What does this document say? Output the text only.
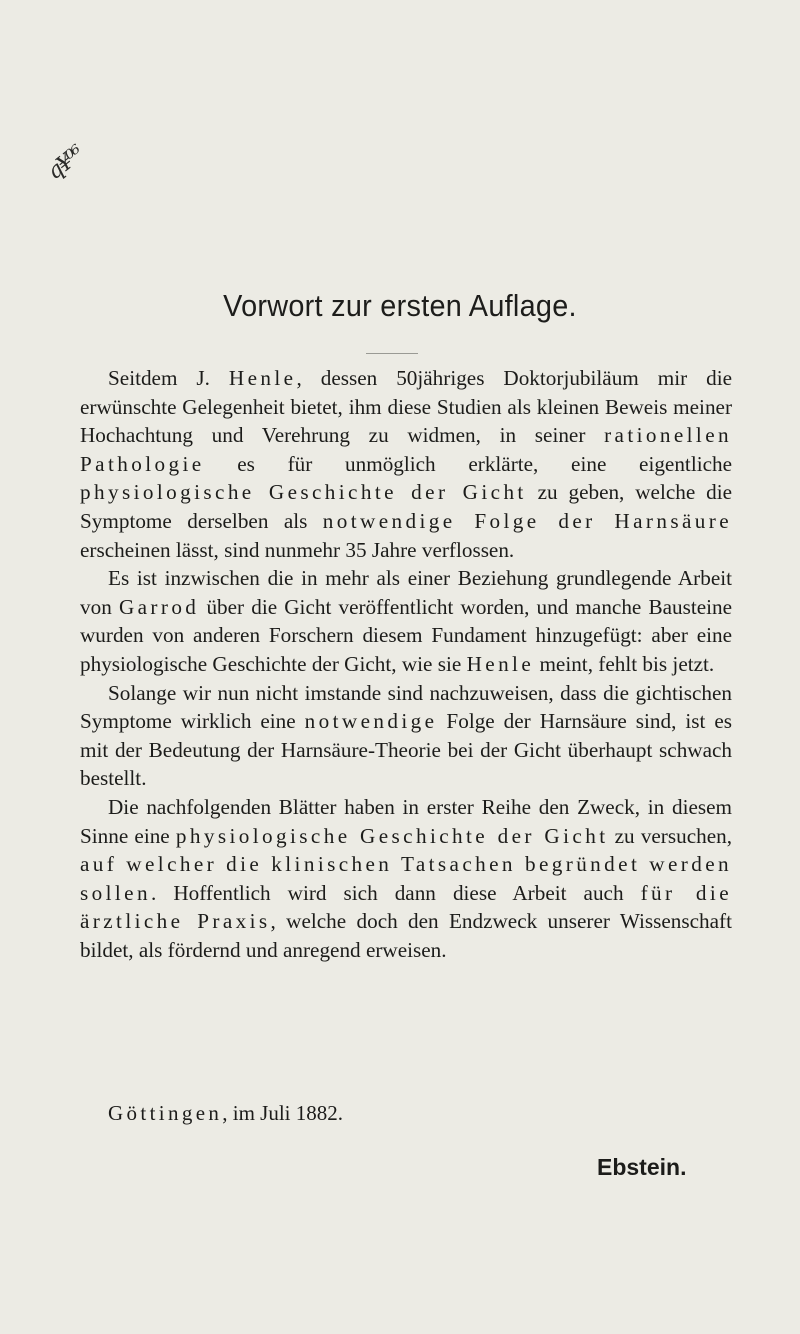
q¥⁰⁶
Vorwort zur ersten Auflage.

Seitdem J. Henle, dessen 50jähriges Doktorjubiläum mir die erwünschte Gelegenheit bietet, ihm diese Studien als kleinen Beweis meiner Hochachtung und Verehrung zu widmen, in seiner rationellen Pathologie es für unmöglich erklärte, eine eigentliche physiologische Geschichte der Gicht zu geben, welche die Symptome derselben als notwendige Folge der Harnsäure erscheinen lässt, sind nunmehr 35 Jahre verflossen.

Es ist inzwischen die in mehr als einer Beziehung grundlegende Arbeit von Garrod über die Gicht veröffentlicht worden, und manche Bausteine wurden von anderen Forschern diesem Fundament hinzugefügt: aber eine physiologische Geschichte der Gicht, wie sie Henle meint, fehlt bis jetzt.

Solange wir nun nicht imstande sind nachzuweisen, dass die gichtischen Symptome wirklich eine notwendige Folge der Harnsäure sind, ist es mit der Bedeutung der Harnsäure-Theorie bei der Gicht überhaupt schwach bestellt.

Die nachfolgenden Blätter haben in erster Reihe den Zweck, in diesem Sinne eine physiologische Geschichte der Gicht zu versuchen, auf welcher die klinischen Tatsachen begründet werden sollen. Hoffentlich wird sich dann diese Arbeit auch für die ärztliche Praxis, welche doch den Endzweck unserer Wissenschaft bildet, als fördernd und anregend erweisen.

Göttingen, im Juli 1882.
Ebstein.
